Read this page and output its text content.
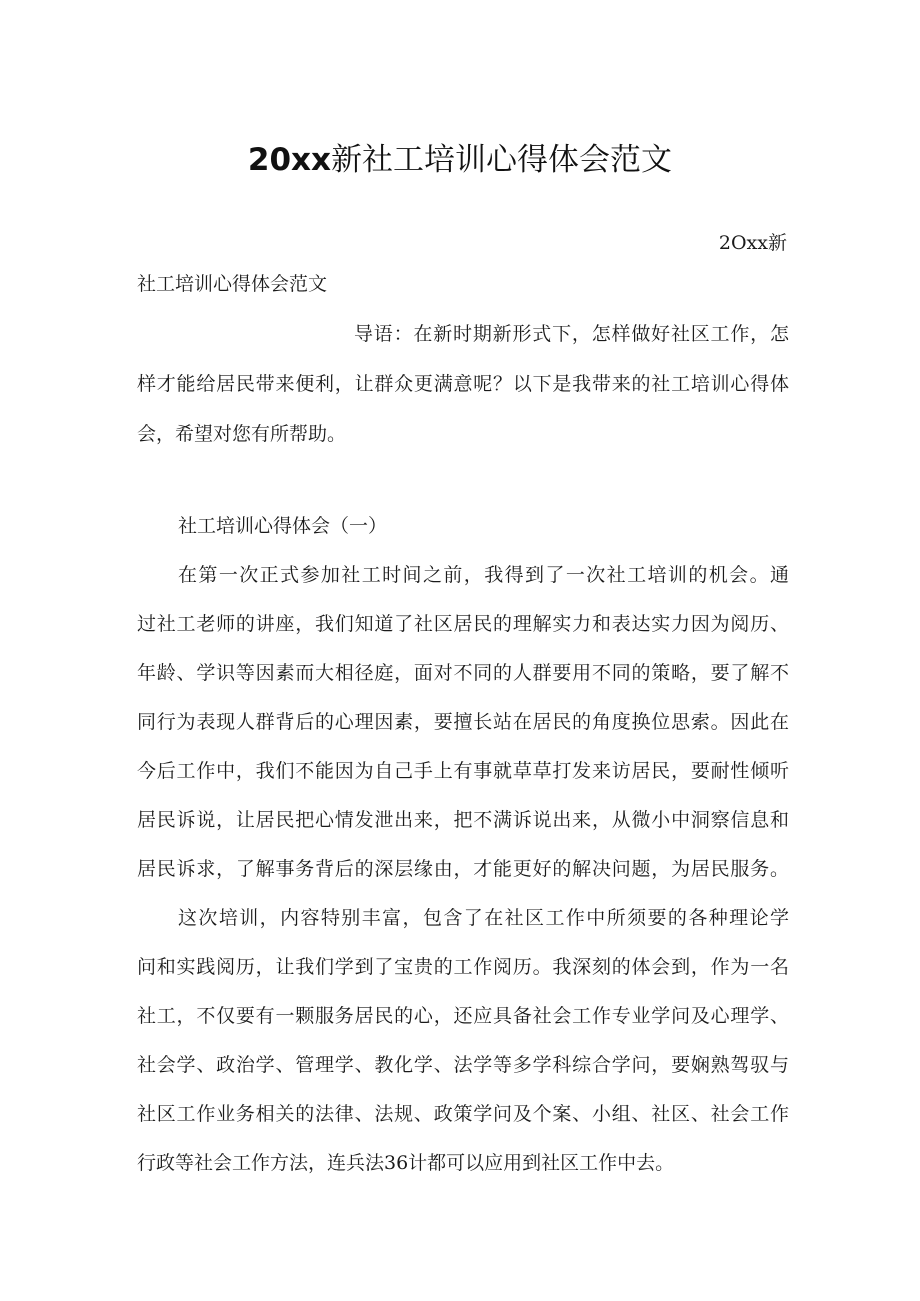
20xx新社工培训心得体会范文
2Oxx新
社工培训心得体会范文
导语：在新时期新形式下，怎样做好社区工作，怎
样才能给居民带来便利，让群众更满意呢？以下是我带来的社工培训心得体
会，希望对您有所帮助。
社工培训心得体会（一）
在第一次正式参加社工时间之前，我得到了一次社工培训的机会。通
过社工老师的讲座，我们知道了社区居民的理解实力和表达实力因为阅历、
年龄、学识等因素而大相径庭，面对不同的人群要用不同的策略，要了解不
同行为表现人群背后的心理因素，要擅长站在居民的角度换位思索。因此在
今后工作中，我们不能因为自己手上有事就草草打发来访居民，要耐性倾听
居民诉说，让居民把心情发泄出来，把不满诉说出来，从微小中洞察信息和
居民诉求，了解事务背后的深层缘由，才能更好的解决问题，为居民服务。
这次培训，内容特别丰富，包含了在社区工作中所须要的各种理论学
问和实践阅历，让我们学到了宝贵的工作阅历。我深刻的体会到，作为一名
社工，不仅要有一颗服务居民的心，还应具备社会工作专业学问及心理学、
社会学、政治学、管理学、教化学、法学等多学科综合学问，要娴熟驾驭与
社区工作业务相关的法律、法规、政策学问及个案、小组、社区、社会工作
行政等社会工作方法，连兵法36计都可以应用到社区工作中去。
